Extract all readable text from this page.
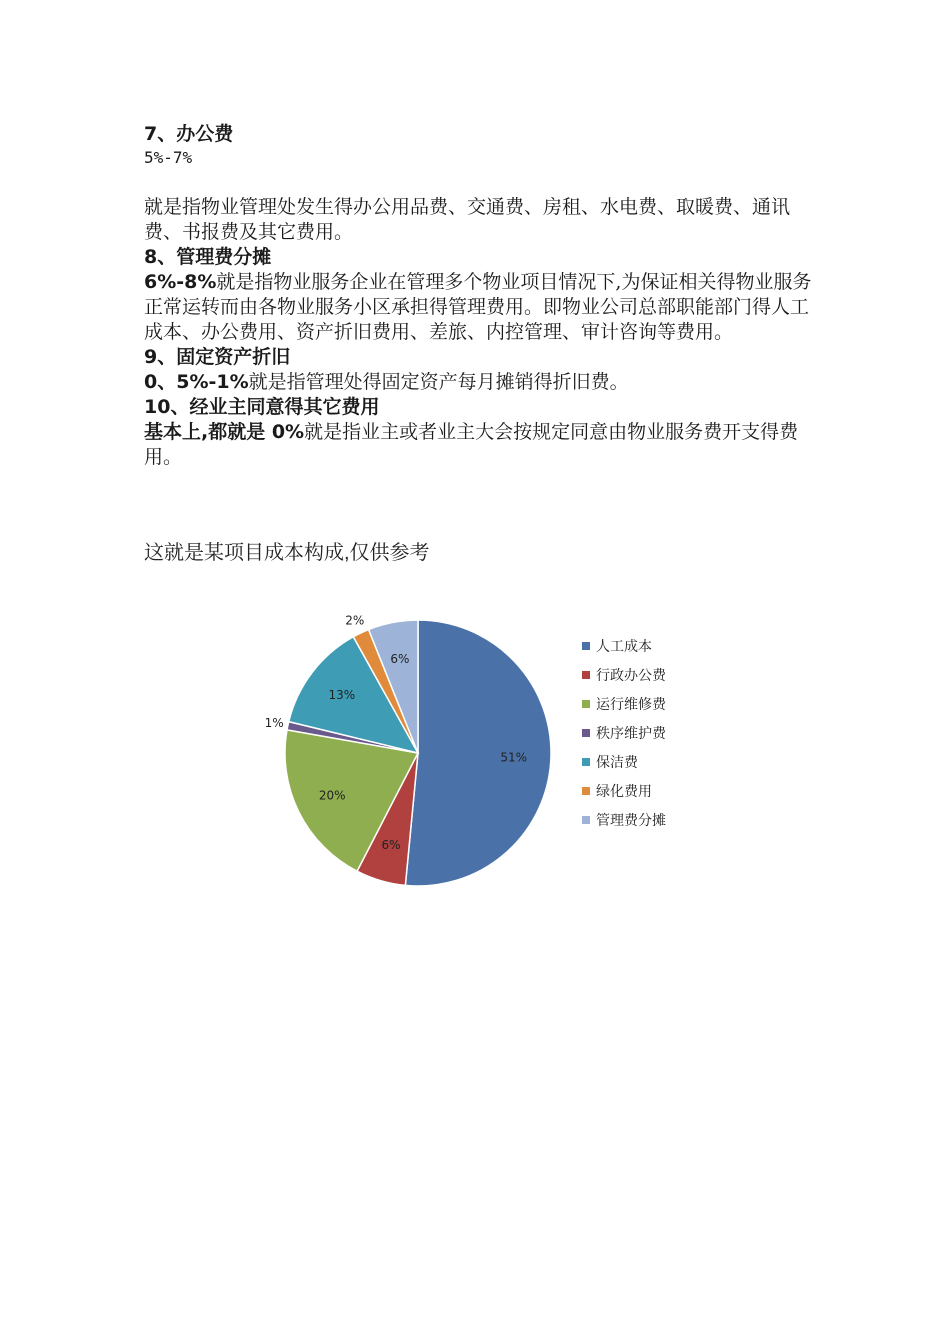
7、办公费

5%-7%

就是指物业管理处发生得办公用品费、交通费、房租、水电费、取暖费、通讯费、书报费及其它费用。

8、管理费分摊

6%-8%就是指物业服务企业在管理多个物业项目情况下,为保证相关得物业服务正常运转而由各物业服务小区承担得管理费用。即物业公司总部职能部门得人工成本、办公费用、资产折旧费用、差旅、内控管理、审计咨询等费用。

9、固定资产折旧

0、5%-1%就是指管理处得固定资产每月摊销得折旧费。

10、经业主同意得其它费用

基本上,都就是 0%就是指业主或者业主大会按规定同意由物业服务费开支得费用。

这就是某项目成本构成,仅供参考
51%
6%
20%
1%
13%
2%
6%
人工成本
行政办公费
运行维修费
秩序维护费
保洁费
绿化费用
管理费分摊
